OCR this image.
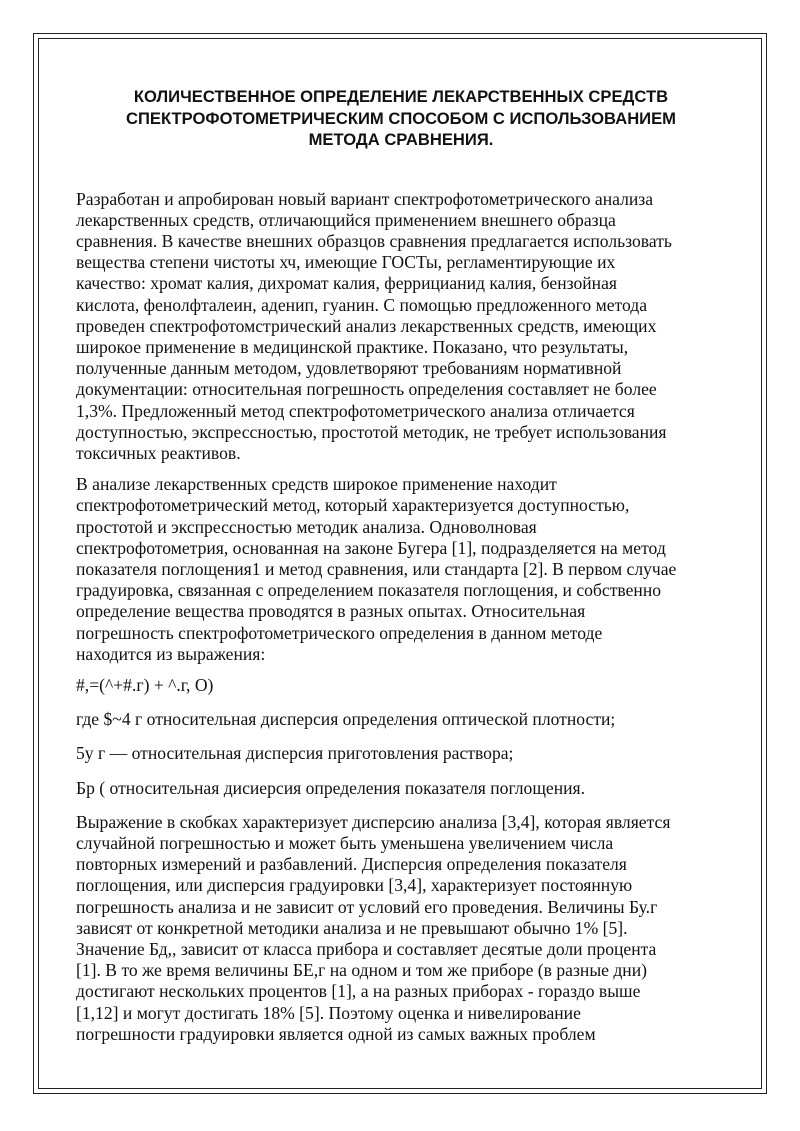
КОЛИЧЕСТВЕННОЕ ОПРЕДЕЛЕНИЕ ЛЕКАРСТВЕННЫХ СРЕДСТВ
СПЕКТРОФОТОМЕТРИЧЕСКИМ СПОСОБОМ С ИСПОЛЬЗОВАНИЕМ
МЕТОДА СРАВНЕНИЯ.
Разработан и апробирован новый вариант спектрофотометрического анализа
лекарственных средств, отличающийся применением внешнего образца
сравнения. В качестве внешних образцов сравнения предлагается использовать
вещества степени чистоты хч, имеющие ГОСТы, регламентирующие их
качество: хромат калия, дихромат калия, феррицианид калия, бензойная
кислота, фенолфталеин, аденип, гуанин. С помощью предложенного метода
проведен спектрофотомстрический анализ лекарственных средств, имеющих
широкое применение в медицинской практике. Показано, что результаты,
полученные данным методом, удовлетворяют требованиям нормативной
документации: относительная погрешность определения составляет не более
1,3%. Предложенный метод спектрофотометрического анализа отличается
доступностью, экспрессностью, простотой методик, не требует использования
токсичных реактивов.
В анализе лекарственных средств широкое применение находит
спектрофотометрический метод, который характеризуется доступностью,
простотой и экспрессностью методик анализа. Одноволновая
спектрофотометрия, основанная на законе Бугера [1], подразделяется на метод
показателя поглощения1 и метод сравнения, или стандарта [2]. В первом случае
градуировка, связанная с определением показателя поглощения, и собственно
определение вещества проводятся в разных опытах. Относительная
погрешность спектрофотометрического определения в данном методе
находится из выражения:
#,=(^+#.г) + ^.г, О)
где $~4 г относительная дисперсия определения оптической плотности;
5у г — относительная дисперсия приготовления раствора;
Бр ( относительная дисиерсия определения показателя поглощения.
Выражение в скобках характеризует дисперсию анализа [3,4], которая является
случайной погрешностью и может быть уменьшена увеличением числа
повторных измерений и разбавлений. Дисперсия определения показателя
поглощения, или дисперсия градуировки [3,4], характеризует постоянную
погрешность анализа и не зависит от условий его проведения. Величины Бу.г
зависят от конкретной методики анализа и не превышают обычно 1% [5].
Значение Бд,, зависит от класса прибора и составляет десятые доли процента
[1]. В то же время величины БЕ,г на одном и том же приборе (в разные дни)
достигают нескольких процентов [1], а на разных приборах - гораздо выше
[1,12] и могут достигать 18% [5]. Поэтому оценка и нивелирование
погрешности градуировки является одной из самых важных проблем
